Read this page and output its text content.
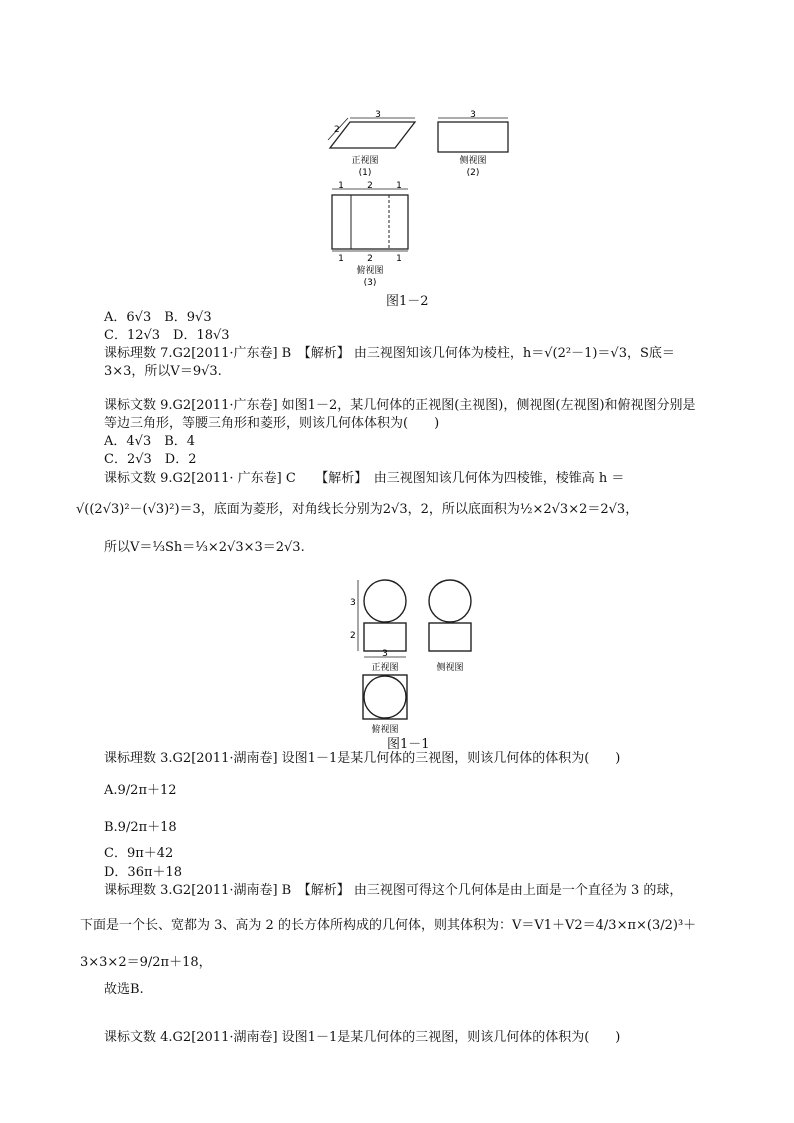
3
2
正视图
(1)
3
侧视图
(2)
1	2	1
1	2	1
俯视图
(3)
图1－2
A．6√3　B．9√3
C．12√3　D．18√3
课标理数 7.G2[2011·广东卷] B　【解析】 由三视图知该几何体为棱柱，h＝√(2²－1)＝√3，S底＝
3×3，所以V＝9√3.
课标文数 9.G2[2011·广东卷] 如图1－2，某几何体的正视图(主视图)，侧视图(左视图)和俯视图分别是
等边三角形，等腰三角形和菱形，则该几何体体积为(　　)
A．4√3　B．4
C．2√3　D．2
课标文数 9.G2[2011· 广东卷] C　　【解析】　由三视图知该几何体为四棱锥，棱锥高 h ＝
√((2√3)²－(√3)²)＝3，底面为菱形，对角线长分别为2√3，2，所以底面积为½×2√3×2＝2√3，
所以V＝⅓Sh＝⅓×2√3×3＝2√3.
3
2
3
正视图	侧视图
俯视图
图1－1
课标理数 3.G2[2011·湖南卷] 设图1－1是某几何体的三视图，则该几何体的体积为(　　)
A.9/2π＋12
B.9/2π＋18
C．9π＋42
D．36π＋18
课标理数 3.G2[2011·湖南卷] B　【解析】 由三视图可得这个几何体是由上面是一个直径为 3 的球，
下面是一个长、宽都为 3、高为 2 的长方体所构成的几何体，则其体积为：V＝V1＋V2＝4/3×π×(3/2)³＋
3×3×2＝9/2π＋18，
故选B.
课标文数 4.G2[2011·湖南卷] 设图1－1是某几何体的三视图，则该几何体的体积为(　　)
